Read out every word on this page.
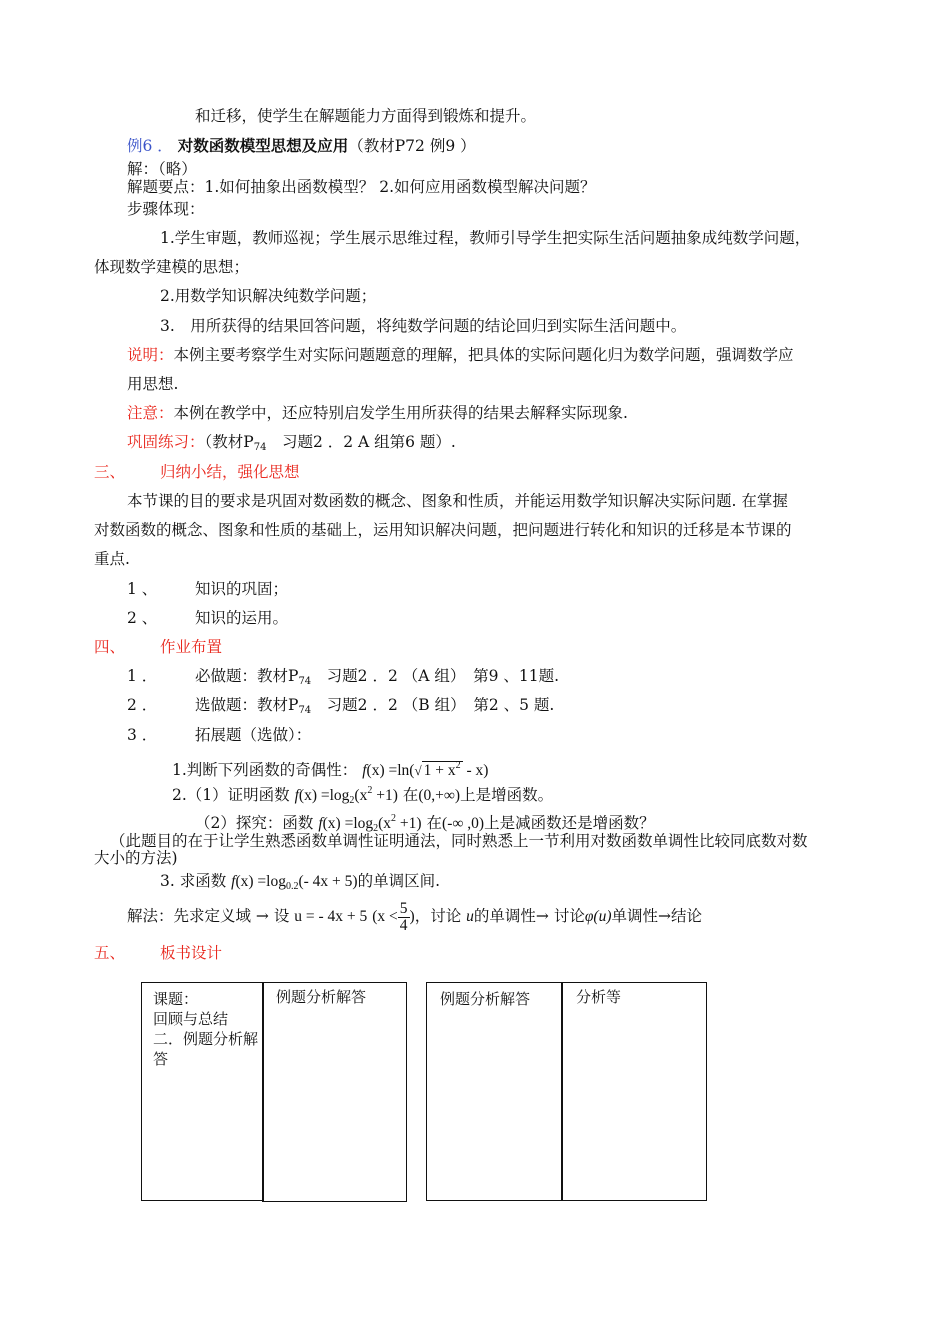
和迁移，使学生在解题能力方面得到锻炼和提升。
例6 ． 对数函数模型思想及应用（教材P72 例9 ）
解：（略）
解题要点：1.如何抽象出函数模型？ 2.如何应用函数模型解决问题？
步骤体现：
1.学生审题，教师巡视；学生展示思维过程，教师引导学生把实际生活问题抽象成纯数学问题，
体现数学建模的思想；
2.用数学知识解决纯数学问题；
3.　用所获得的结果回答问题，将纯数学问题的结论回归到实际生活问题中。
说明：本例主要考察学生对实际问题题意的理解，把具体的实际问题化归为数学问题，强调数学应
用思想.
注意：本例在教学中，还应特别启发学生用所获得的结果去解释实际现象.
巩固练习：（教材$P_{74}$　习题2 ．2 A 组第6 题）.
三、 归纳小结，强化思想
本节课的目的要求是巩固对数函数的概念、图象和性质，并能运用数学知识解决实际问题. 在掌握
对数函数的概念、图象和性质的基础上，运用知识解决问题，把问题进行转化和知识的迁移是本节课的
重点.
1 、 知识的巩固；
2 、 知识的运用。
四、 作业布置
1 ． 必做题：教材$P_{74}$　习题2 ．2 （A 组）　第9 、11题.
2 ． 选做题：教材$P_{74}$　习题2 ．2 （B 组）　第2 、5 题.
3 ． 拓展题（选做）：
1.判断下列函数的奇偶性： f(x) =ln(√ $1 + x^2 - x$)
2.（1）证明函数 $f(x) =\log_2(x^2 +1)$ 在(0,+∞)上是增函数。
（2）探究：函数 $f(x) =\log_2(x^2 +1)$ 在(-∞ ,0)上是减函数还是增函数？
（此题目的在于让学生熟悉函数单调性证明通法，同时熟悉上一节利用对数函数单调性比较同底数对数
大小的方法)
3. 求函数 $f(x) =\log_{0.2}(-$ 4x + 5)的单调区间.
解法：先求定义域 → 设 u = - 4x + 5 ($x < \frac{5}{4}$ )，讨论 u的单调性→ 讨论φ(u)单调性→结论
五、 板书设计
课题：
回顾与总结
二．例题分析解
答
例题分析解答	例题分析解答	分析等
